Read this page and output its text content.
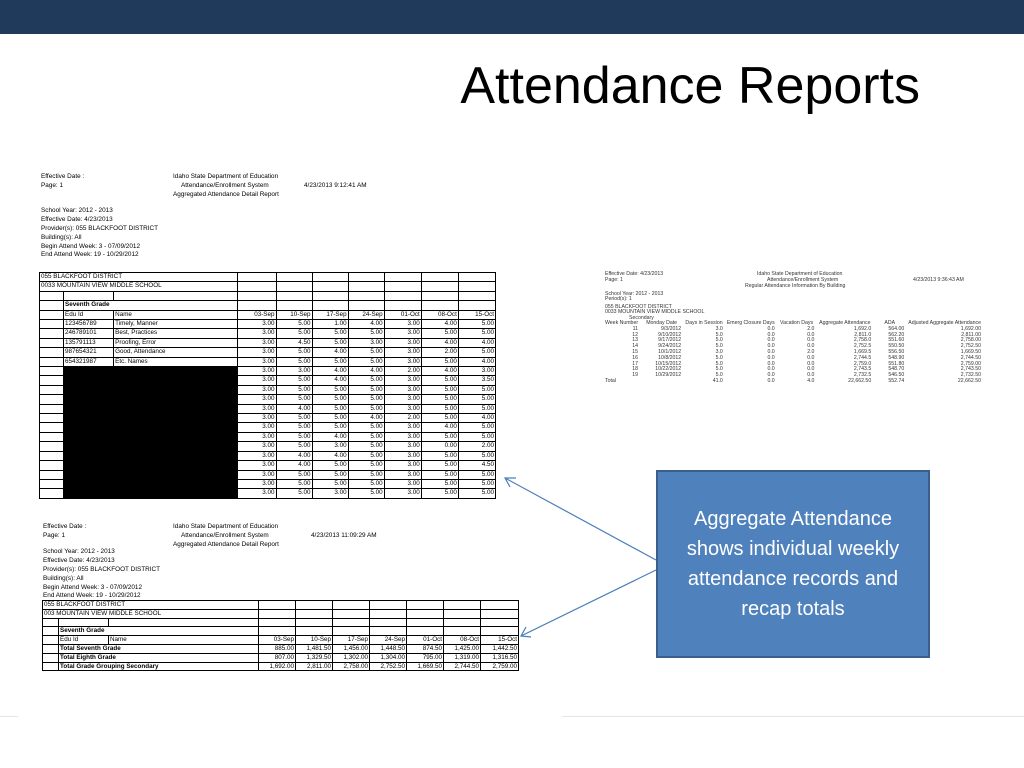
Attendance Reports
Effective Date :	Idaho State Department of Education
Page: 1	Attendance/Enrollment System	4/23/2013 9:12:41 AM
Aggregated Attendance Detail Report
School Year: 2012 - 2013
Effective Date: 4/23/2013
Provider(s): 055 BLACKFOOT DISTRICT
Building(s): All
Begin Attend Week: 3 - 07/09/2012
End Attend Week: 19 - 10/29/2012
055 BLACKFOOT DISTRICT									
0033 MOUNTAIN VIEW MIDDLE SCHOOL									

	Seventh Grade								
	Edu Id	Name	03-Sep	10-Sep	17-Sep	24-Sep	01-Oct	08-Oct	15-Oct
	123456789	Timely, Manner	3.00	5.00	1.00	4.00	3.00	4.00	5.00
	246789101	Best, Practices	3.00	5.00	5.00	5.00	3.00	5.00	5.00
	135791113	Proofing, Error	3.00	4.50	5.00	3.00	3.00	4.00	4.00
	987654321	Good, Attendance	3.00	5.00	4.00	5.00	3.00	2.00	5.00
	654321987	Etc. Names	3.00	5.00	5.00	5.00	3.00	5.00	4.00
			3.00	3.00	4.00	4.00	2.00	4.00	3.00
			3.00	5.00	4.00	5.00	3.00	5.00	3.50
			3.00	5.00	5.00	5.00	3.00	5.00	5.00
			3.00	5.00	5.00	5.00	3.00	5.00	5.00
			3.00	4.00	5.00	5.00	3.00	5.00	5.00
			3.00	5.00	5.00	4.00	2.00	5.00	4.00
			3.00	5.00	5.00	5.00	3.00	4.00	5.00
			3.00	5.00	4.00	5.00	3.00	5.00	5.00
			3.00	5.00	3.00	5.00	3.00	0.00	2.00
			3.00	4.00	4.00	5.00	3.00	5.00	5.00
			3.00	4.00	5.00	5.00	3.00	5.00	4.50
			3.00	5.00	5.00	5.00	3.00	5.00	5.00
			3.00	5.00	5.00	5.00	3.00	5.00	5.00
			3.00	5.00	3.00	5.00	3.00	5.00	5.00
Effective Date :	Idaho State Department of Education
Page: 1	Attendance/Enrollment System	4/23/2013 11:09:29 AM
Aggregated Attendance Detail Report
School Year: 2012 - 2013
Effective Date: 4/23/2013
Provider(s): 055 BLACKFOOT DISTRICT
Building(s): All
Begin Attend Week: 3 - 07/09/2012
End Attend Week: 19 - 10/29/2012
055 BLACKFOOT DISTRICT									
003 MOUNTAIN VIEW MIDDLE SCHOOL									

	Seventh Grade								
	Edu Id	Name	03-Sep	10-Sep	17-Sep	24-Sep	01-Oct	08-Oct	15-Oct
	Total Seventh Grade		885.00	1,481.50	1,456.00	1,448.50	874.50	1,425.00	1,442.50
	Total Eighth Grade		807.00	1,329.50	1,302.00	1,304.00	795.00	1,319.00	1,316.50
	Total Grade Grouping Secondary		1,692.00	2,811.00	2,758.00	2,752.50	1,669.50	2,744.50	2,759.00
Effective Date: 4/23/2013	Idaho State Department of Education
Page: 1	Attendance/Enrollment System	4/23/2013 9:36:43 AM
Regular Attendance Information By Building
School Year: 2012 - 2013
Period(s): 1
055 BLACKFOOT DISTRICT
0033 MOUNTAIN VIEW MIDDLE SCHOOL
Secondary
Week Number	Monday Date	Days in Session	Emerg Closure Days	Vacation Days	Aggregate Attendance	ADA	Adjusted Aggregate Attendance
11	9/3/2012	3.0	0.0	2.0	1,692.0	564.00	1,692.00
12	9/10/2012	5.0	0.0	0.0	2,811.0	562.20	2,811.00
13	9/17/2012	5.0	0.0	0.0	2,758.0	551.60	2,758.00
14	9/24/2012	5.0	0.0	0.0	2,752.5	550.50	2,752.50
15	10/1/2012	3.0	0.0	2.0	1,669.5	556.50	1,669.50
16	10/8/2012	5.0	0.0	0.0	2,744.5	548.90	2,744.50
17	10/15/2012	5.0	0.0	0.0	2,759.0	551.80	2,759.00
18	10/22/2012	5.0	0.0	0.0	2,743.5	548.70	2,743.50
19	10/29/2012	5.0	0.0	0.0	2,732.5	546.50	2,732.50
Total		41.0	0.0	4.0	22,662.50	552.74	22,662.50
Aggregate Attendance shows individual weekly attendance records and recap totals
